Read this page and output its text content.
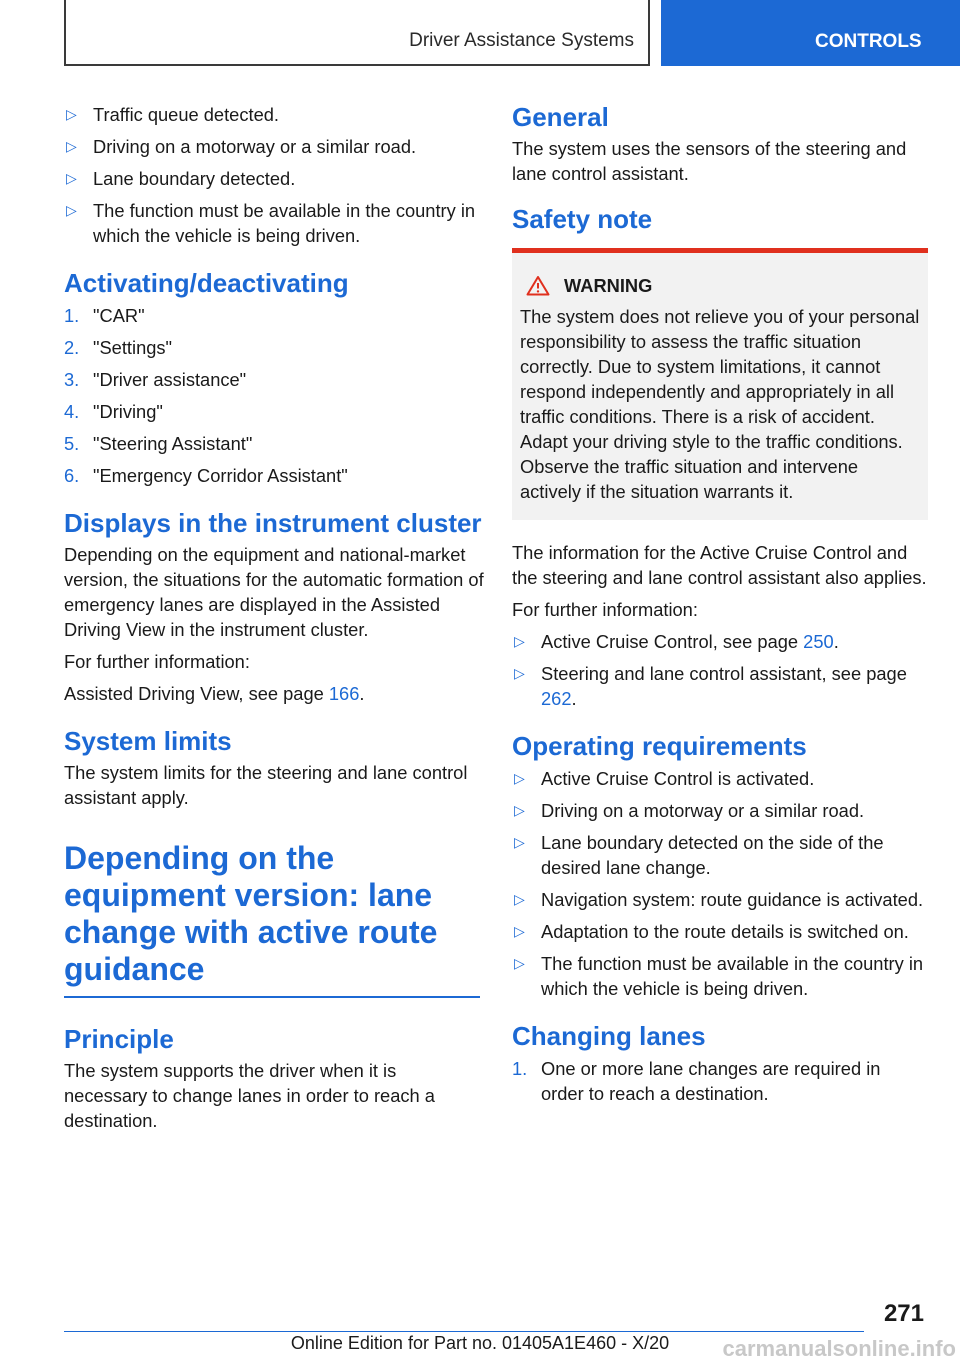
Driver Assistance Systems	CONTROLS
▷ Traffic queue detected.
▷ Driving on a motorway or a similar road.
▷ Lane boundary detected.
▷ The function must be available in the country in which the vehicle is being driven.
Activating/deactivating
1. "CAR"
2. "Settings"
3. "Driver assistance"
4. "Driving"
5. "Steering Assistant"
6. "Emergency Corridor Assistant"
Displays in the instrument cluster

Depending on the equipment and national-market version, the situations for the automatic formation of emergency lanes are displayed in the Assisted Driving View in the instrument cluster.

For further information:

Assisted Driving View, see page 166.

System limits

The system limits for the steering and lane control assistant apply.

Depending on the equipment version: lane change with active route guidance
Principle

The system supports the driver when it is necessary to change lanes in order to reach a destination.

General

The system uses the sensors of the steering and lane control assistant.

Safety note
WARNING

The system does not relieve you of your personal responsibility to assess the traffic situation correctly. Due to system limitations, it cannot respond independently and appropriately in all traffic conditions. There is a risk of accident. Adapt your driving style to the traffic conditions. Observe the traffic situation and intervene actively if the situation warrants it.

The information for the Active Cruise Control and the steering and lane control assistant also applies.

For further information:

▷ Active Cruise Control, see page 250.
▷ Steering and lane control assistant, see page 262.
Operating requirements
▷ Active Cruise Control is activated.
▷ Driving on a motorway or a similar road.
▷ Lane boundary detected on the side of the desired lane change.
▷ Navigation system: route guidance is activated.
▷ Adaptation to the route details is switched on.
▷ The function must be available in the country in which the vehicle is being driven.
Changing lanes
1. One or more lane changes are required in order to reach a destination.
271
Online Edition for Part no. 01405A1E460 - X/20	carmanualsonline.info
